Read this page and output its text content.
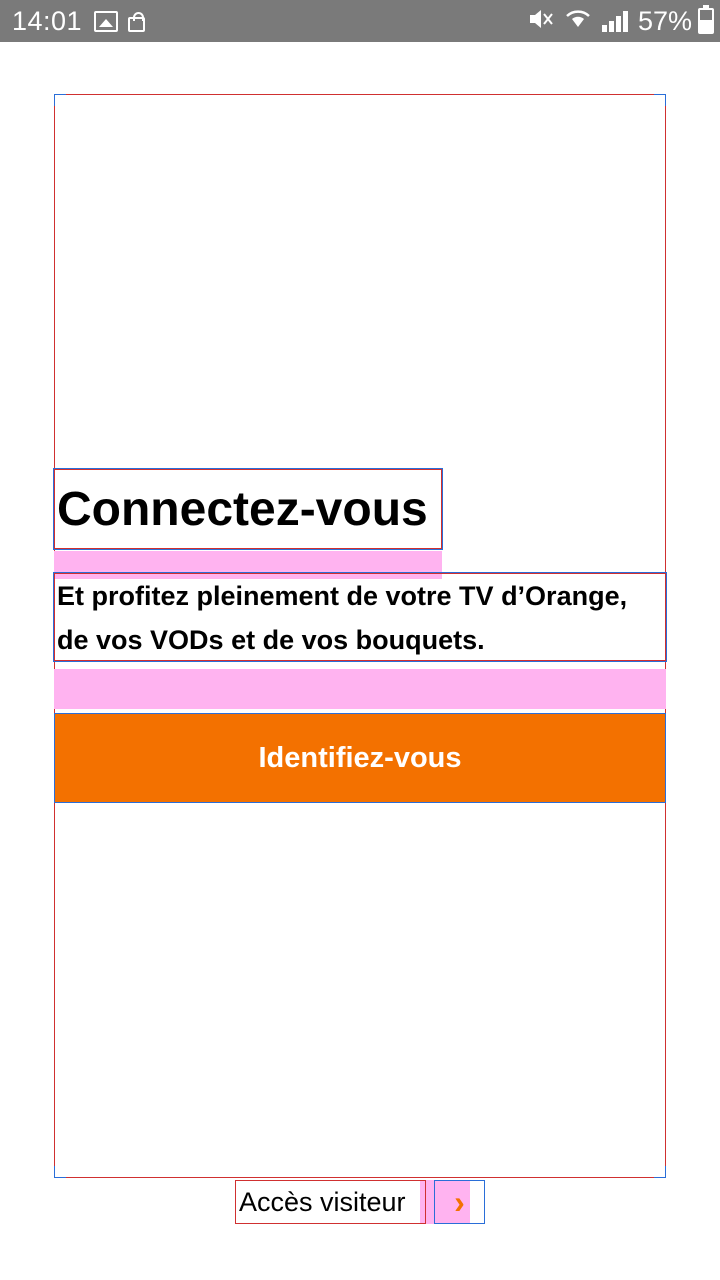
14:01	57%
Connectez-vous
Et profitez pleinement de votre TV d’Orange, de vos VODs et de vos bouquets.
Identifiez-vous
Accès visiteur	›
